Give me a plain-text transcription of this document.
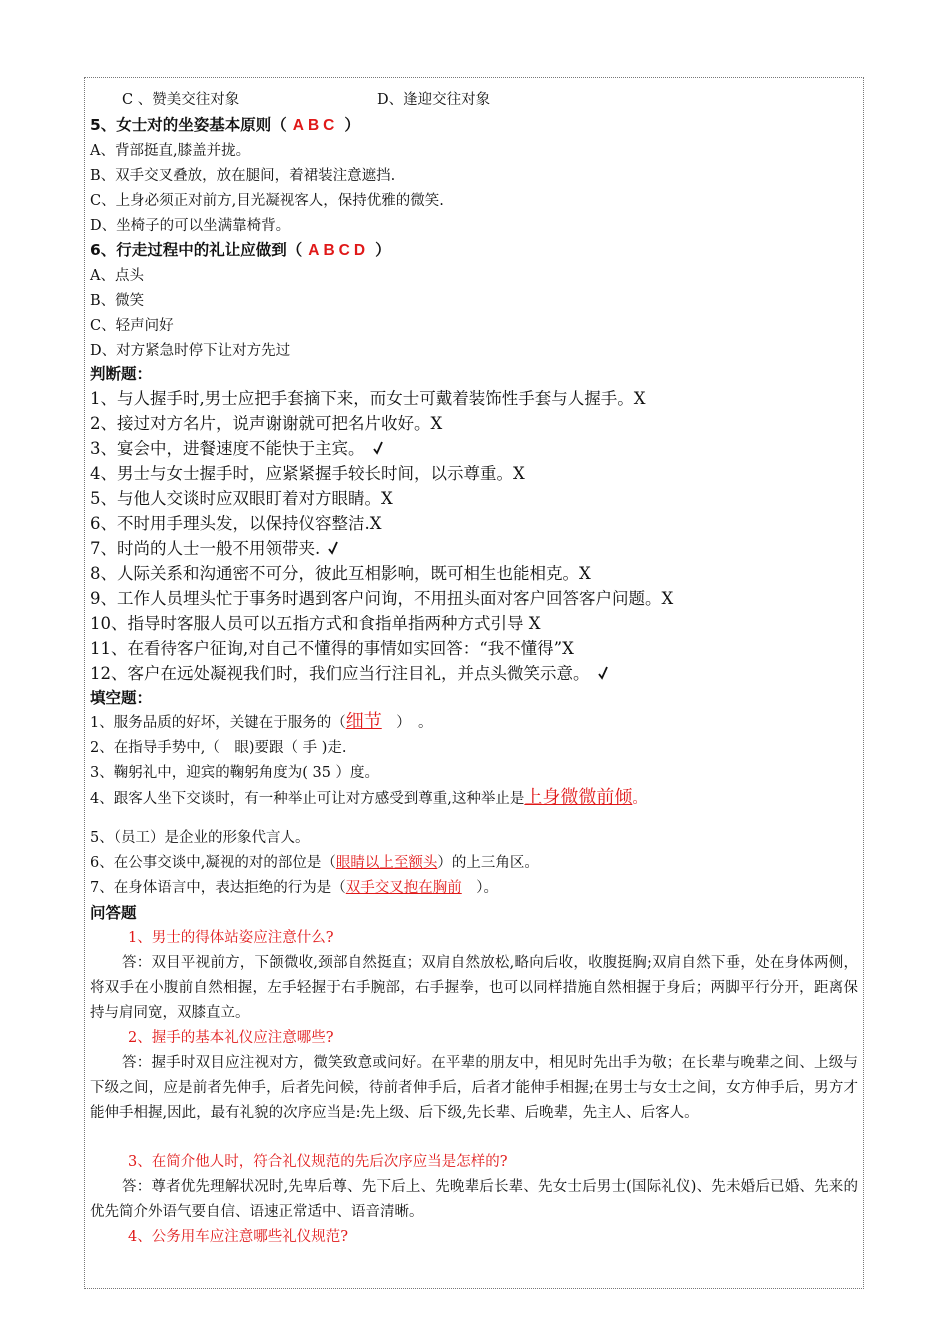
C 、赞美交往对象	D、逢迎交往对象
5、女士对的坐姿基本原则（ ABC ）
A、背部挺直,膝盖并拢。
B、双手交叉叠放，放在腿间，着裙装注意遮挡.
C、上身必须正对前方,目光凝视客人，保持优雅的微笑.
D、坐椅子的可以坐满靠椅背。
6、行走过程中的礼让应做到（ ABCD ）
A、点头
B、微笑
C、轻声问好
D、对方紧急时停下让对方先过
判断题：
1、与人握手时,男士应把手套摘下来，而女士可戴着装饰性手套与人握手。X
2、接过对方名片，说声谢谢就可把名片收好。X
3、宴会中，进餐速度不能快于主宾。
4、男士与女士握手时，应紧紧握手较长时间，以示尊重。X
5、与他人交谈时应双眼盯着对方眼睛。X
6、不时用手理头发，以保持仪容整洁.X
7、时尚的人士一般不用领带夹.
8、人际关系和沟通密不可分，彼此互相影响，既可相生也能相克。X
9、工作人员埋头忙于事务时遇到客户问询，不用扭头面对客户回答客户问题。X
10、指导时客服人员可以五指方式和食指单指两种方式引导 X
11、在看待客户征询,对自己不懂得的事情如实回答：“我不懂得”X
12、客户在远处凝视我们时，我们应当行注目礼，并点头微笑示意。
填空题：
1、服务品质的好坏，关键在于服务的（细节　）　。
2、在指导手势中,（　眼)要跟（ 手 )走.
3、鞠躬礼中，迎宾的鞠躬角度为( 35 ）度。
4、跟客人坐下交谈时，有一种举止可让对方感受到尊重,这种举止是上身微微前倾。
5、（员工）是企业的形象代言人。
6、在公事交谈中,凝视的对的部位是（眼睛以上至额头）的上三角区。
7、在身体语言中，表达拒绝的行为是（双手交叉抱在胸前　）。
问答题
1、男士的得体站姿应注意什么?
答：双目平视前方，下颌微收,颈部自然挺直；双肩自然放松,略向后收，收腹挺胸;双肩自然下垂，处在身体两侧，将双手在小腹前自然相握，左手轻握于右手腕部，右手握拳，也可以同样措施自然相握于身后；两脚平行分开，距离保持与肩同宽，双膝直立。
2、握手的基本礼仪应注意哪些?
答：握手时双目应注视对方，微笑致意或问好。在平辈的朋友中，相见时先出手为敬；在长辈与晚辈之间、上级与下级之间，应是前者先伸手，后者先问候，待前者伸手后，后者才能伸手相握;在男士与女士之间，女方伸手后，男方才能伸手相握,因此，最有礼貌的次序应当是:先上级、后下级,先长辈、后晚辈，先主人、后客人。
3、在简介他人时，符合礼仪规范的先后次序应当是怎样的?
答：尊者优先理解状况时,先卑后尊、先下后上、先晚辈后长辈、先女士后男士(国际礼仪)、先未婚后已婚、先来的优先简介外语气要自信、语速正常适中、语音清晰。
4、公务用车应注意哪些礼仪规范?
